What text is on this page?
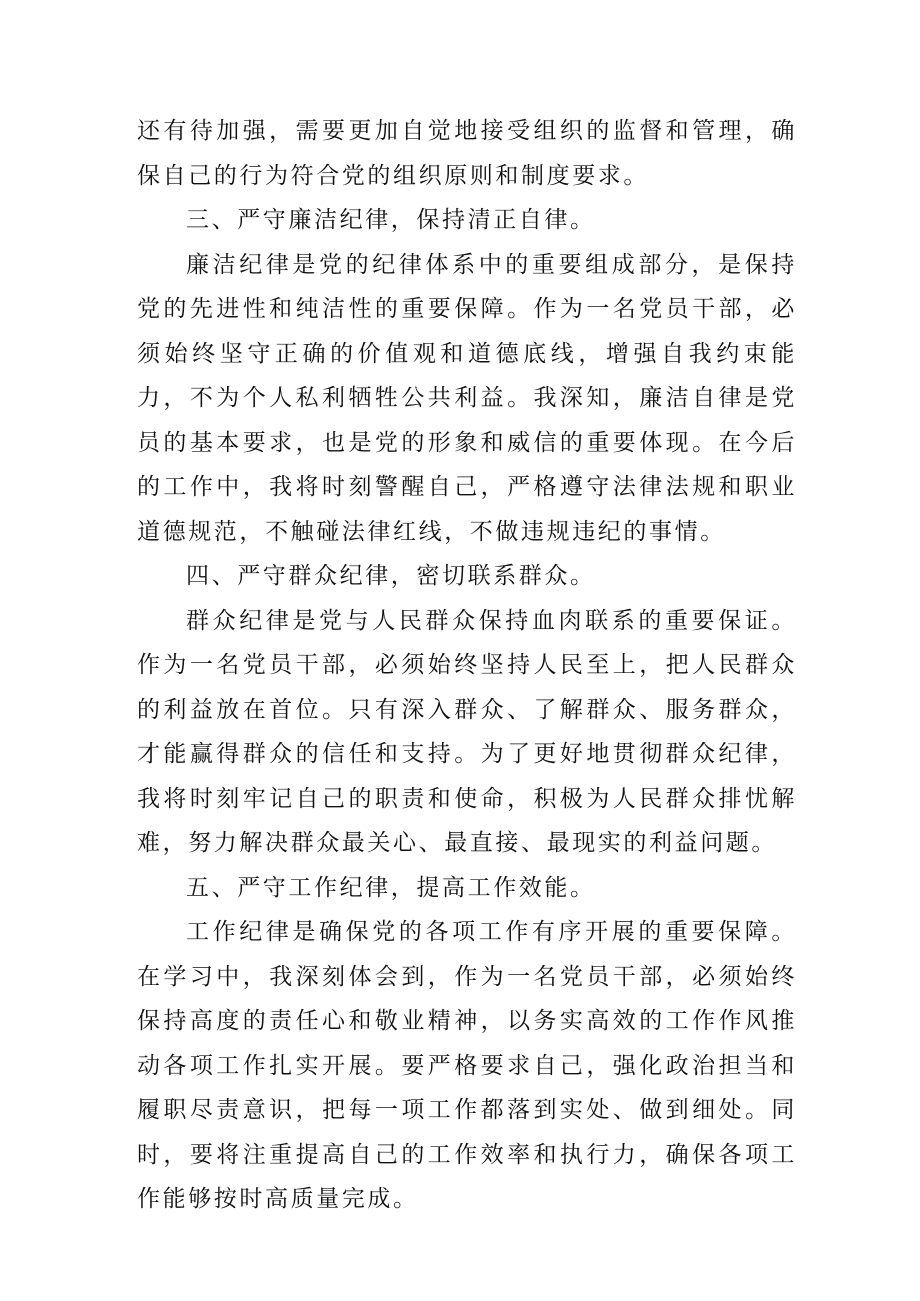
还有待加强，需要更加自觉地接受组织的监督和管理，确保自己的行为符合党的组织原则和制度要求。

三、严守廉洁纪律，保持清正自律。

廉洁纪律是党的纪律体系中的重要组成部分，是保持党的先进性和纯洁性的重要保障。作为一名党员干部，必须始终坚守正确的价值观和道德底线，增强自我约束能力，不为个人私利牺牲公共利益。我深知，廉洁自律是党员的基本要求，也是党的形象和威信的重要体现。在今后的工作中，我将时刻警醒自己，严格遵守法律法规和职业道德规范，不触碰法律红线，不做违规违纪的事情。

四、严守群众纪律，密切联系群众。

群众纪律是党与人民群众保持血肉联系的重要保证。作为一名党员干部，必须始终坚持人民至上，把人民群众的利益放在首位。只有深入群众、了解群众、服务群众，才能赢得群众的信任和支持。为了更好地贯彻群众纪律，我将时刻牢记自己的职责和使命，积极为人民群众排忧解难，努力解决群众最关心、最直接、最现实的利益问题。

五、严守工作纪律，提高工作效能。

工作纪律是确保党的各项工作有序开展的重要保障。在学习中，我深刻体会到，作为一名党员干部，必须始终保持高度的责任心和敬业精神，以务实高效的工作作风推动各项工作扎实开展。要严格要求自己，强化政治担当和履职尽责意识，把每一项工作都落到实处、做到细处。同时，要将注重提高自己的工作效率和执行力，确保各项工作能够按时高质量完成。
